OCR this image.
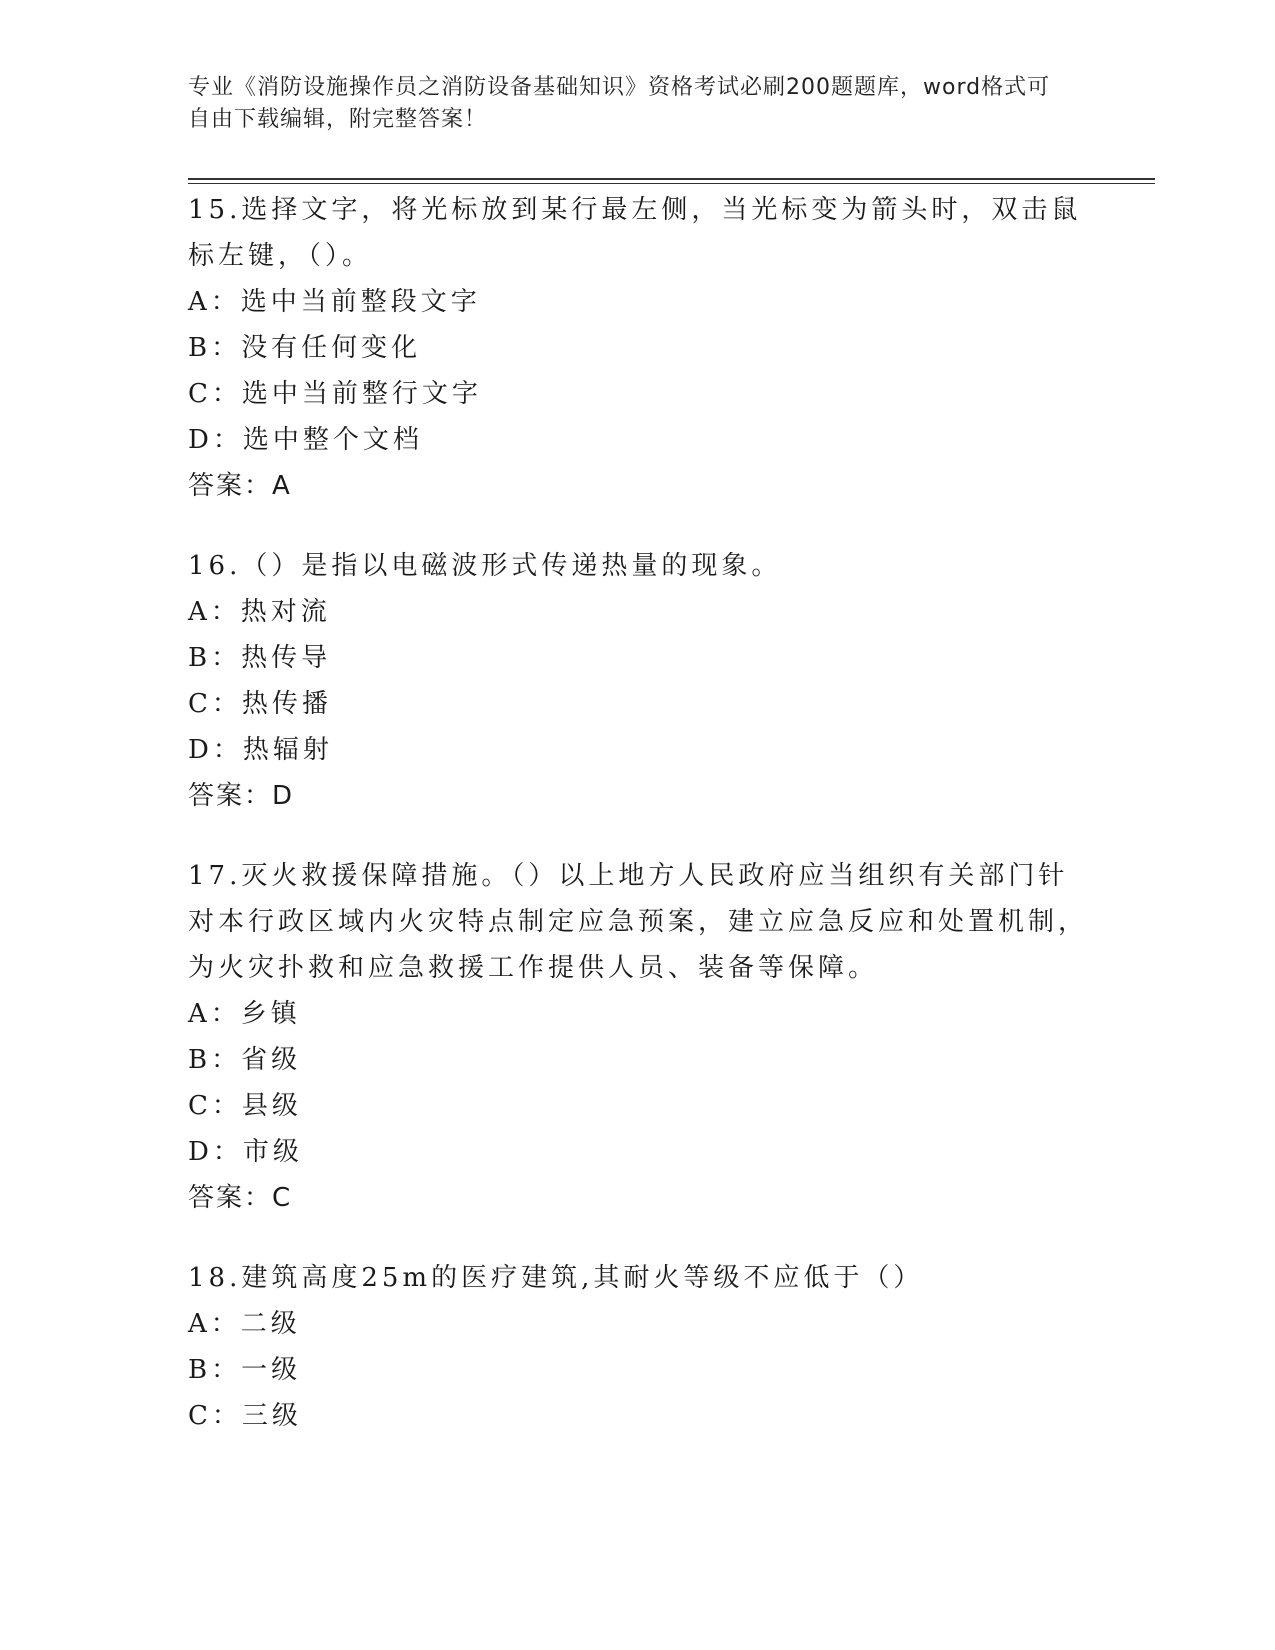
专业《消防设施操作员之消防设备基础知识》资格考试必刷200题题库，word格式可自由下载编辑，附完整答案！

15.选择文字，将光标放到某行最左侧，当光标变为箭头时，双击鼠标左键，（）。

A：选中当前整段文字

B：没有任何变化

C：选中当前整行文字

D：选中整个文档

答案：A

16.（）是指以电磁波形式传递热量的现象。

A：热对流

B：热传导

C：热传播

D：热辐射

答案：D

17.灭火救援保障措施。（）以上地方人民政府应当组织有关部门针对本行政区域内火灾特点制定应急预案，建立应急反应和处置机制，为火灾扑救和应急救援工作提供人员、装备等保障。

A：乡镇

B：省级

C：县级

D：市级

答案：C

18.建筑高度25m的医疗建筑,其耐火等级不应低于（）

A：二级

B：一级

C：三级
